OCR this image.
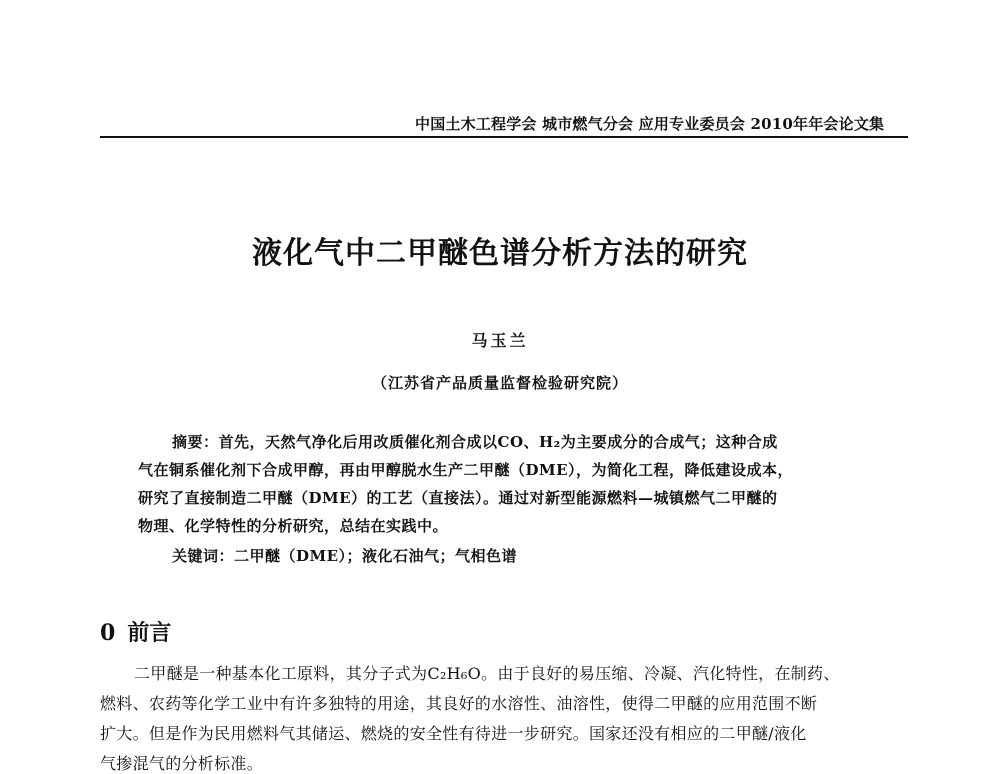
中国土木工程学会 城市燃气分会 应用专业委员会 2010年年会论文集
液化气中二甲醚色谱分析方法的研究
马玉兰
（江苏省产品质量监督检验研究院）
摘要：首先，天然气净化后用改质催化剂合成以CO、H₂为主要成分的合成气；这种合成
气在铜系催化剂下合成甲醇，再由甲醇脱水生产二甲醚（DME），为简化工程，降低建设成本，
研究了直接制造二甲醚（DME）的工艺（直接法）。通过对新型能源燃料—城镇燃气二甲醚的
物理、化学特性的分析研究，总结在实践中。
关键词：二甲醚（DME）；液化石油气；气相色谱
0 前言
二甲醚是一种基本化工原料，其分子式为C₂H₆O。由于良好的易压缩、冷凝、汽化特性，在制药、
燃料、农药等化学工业中有许多独特的用途，其良好的水溶性、油溶性，使得二甲醚的应用范围不断
扩大。但是作为民用燃料气其储运、燃烧的安全性有待进一步研究。国家还没有相应的二甲醚/液化
气掺混气的分析标准。
